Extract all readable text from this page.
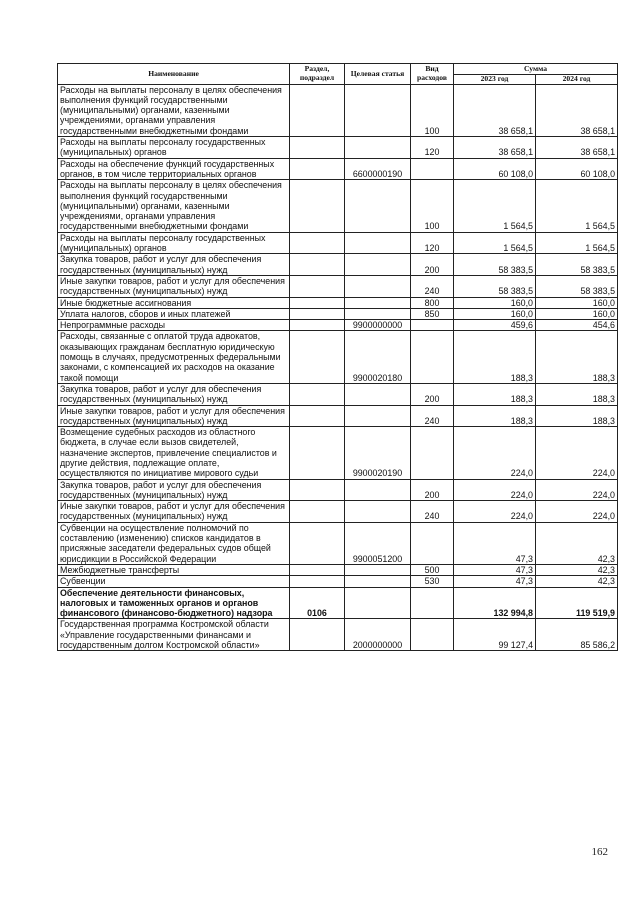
Наименование	Раздел, подраздел	Целевая статья	Вид расходов	Сумма	
				2023 год	2024 год
Расходы на выплаты персоналу в целях обеспечения выполнения функций государственными (муниципальными) органами, казенными учреждениями, органами управления государственными внебюджетными фондами			100	38 658,1	38 658,1
Расходы на выплаты персоналу государственных (муниципальных) органов			120	38 658,1	38 658,1
Расходы на обеспечение функций государственных органов, в том числе территориальных органов		6600000190		60 108,0	60 108,0
Расходы на выплаты персоналу в целях обеспечения выполнения функций государственными (муниципальными) органами, казенными учреждениями, органами управления государственными внебюджетными фондами			100	1 564,5	1 564,5
Расходы на выплаты персоналу государственных (муниципальных) органов			120	1 564,5	1 564,5
Закупка товаров, работ и услуг для обеспечения государственных (муниципальных) нужд			200	58 383,5	58 383,5
Иные закупки товаров, работ и услуг для обеспечения государственных (муниципальных) нужд			240	58 383,5	58 383,5
Иные бюджетные ассигнования			800	160,0	160,0
Уплата налогов, сборов и иных платежей			850	160,0	160,0
Непрограммные расходы		9900000000		459,6	454,6
Расходы, связанные с оплатой труда адвокатов, оказывающих гражданам бесплатную юридическую помощь в случаях, предусмотренных федеральными законами, с компенсацией их расходов на оказание такой помощи		9900020180		188,3	188,3
Закупка товаров, работ и услуг для обеспечения государственных (муниципальных) нужд			200	188,3	188,3
Иные закупки товаров, работ и услуг для обеспечения государственных (муниципальных) нужд			240	188,3	188,3
Возмещение судебных расходов из областного бюджета, в случае если вызов свидетелей, назначение экспертов, привлечение специалистов и другие действия, подлежащие оплате, осуществляются по инициативе мирового судьи		9900020190		224,0	224,0
Закупка товаров, работ и услуг для обеспечения государственных (муниципальных) нужд			200	224,0	224,0
Иные закупки товаров, работ и услуг для обеспечения государственных (муниципальных) нужд			240	224,0	224,0
Субвенции на осуществление полномочий по составлению (изменению) списков кандидатов в присяжные заседатели федеральных судов общей юрисдикции в Российской Федерации		9900051200		47,3	42,3
Межбюджетные трансферты			500	47,3	42,3
Субвенции			530	47,3	42,3
Обеспечение деятельности финансовых, налоговых и таможенных органов и органов финансового (финансово-бюджетного) надзора	0106			132 994,8	119 519,9
Государственная программа Костромской области «Управление государственными финансами и государственным долгом Костромской области»		2000000000		99 127,4	85 586,2
162
